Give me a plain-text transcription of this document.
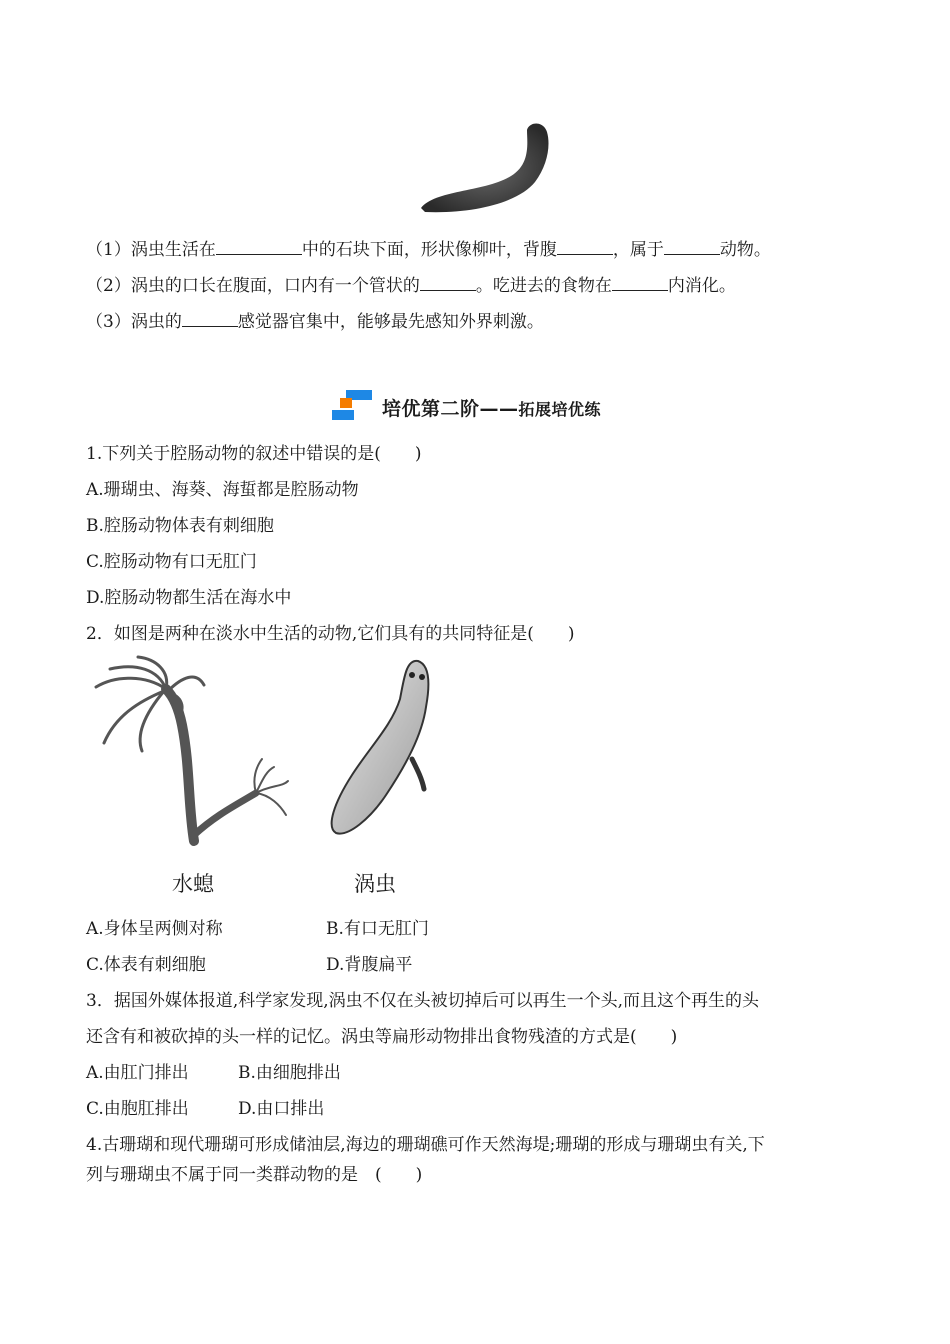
（1）涡虫生活在	中的石块下面，形状像柳叶，背腹	，属于	动物。
（2）涡虫的口长在腹面，口内有一个管状的	。吃进去的食物在	内消化。
（3）涡虫的	感觉器官集中，能够最先感知外界刺激。
培优第二阶——拓展培优练
1.下列关于腔肠动物的叙述中错误的是(　　)
A.珊瑚虫、海葵、海蜇都是腔肠动物
B.腔肠动物体表有刺细胞
C.腔肠动物有口无肛门
D.腔肠动物都生活在海水中
2．如图是两种在淡水中生活的动物,它们具有的共同特征是(　　)
水螅	涡虫
A.身体呈两侧对称	B.有口无肛门
C.体表有刺细胞	D.背腹扁平
3．据国外媒体报道,科学家发现,涡虫不仅在头被切掉后可以再生一个头,而且这个再生的头
还含有和被砍掉的头一样的记忆。涡虫等扁形动物排出食物残渣的方式是(　　)
A.由肛门排出	B.由细胞排出
C.由胞肛排出	D.由口排出
4.古珊瑚和现代珊瑚可形成储油层,海边的珊瑚礁可作天然海堤;珊瑚的形成与珊瑚虫有关,下
列与珊瑚虫不属于同一类群动物的是　(　　)
